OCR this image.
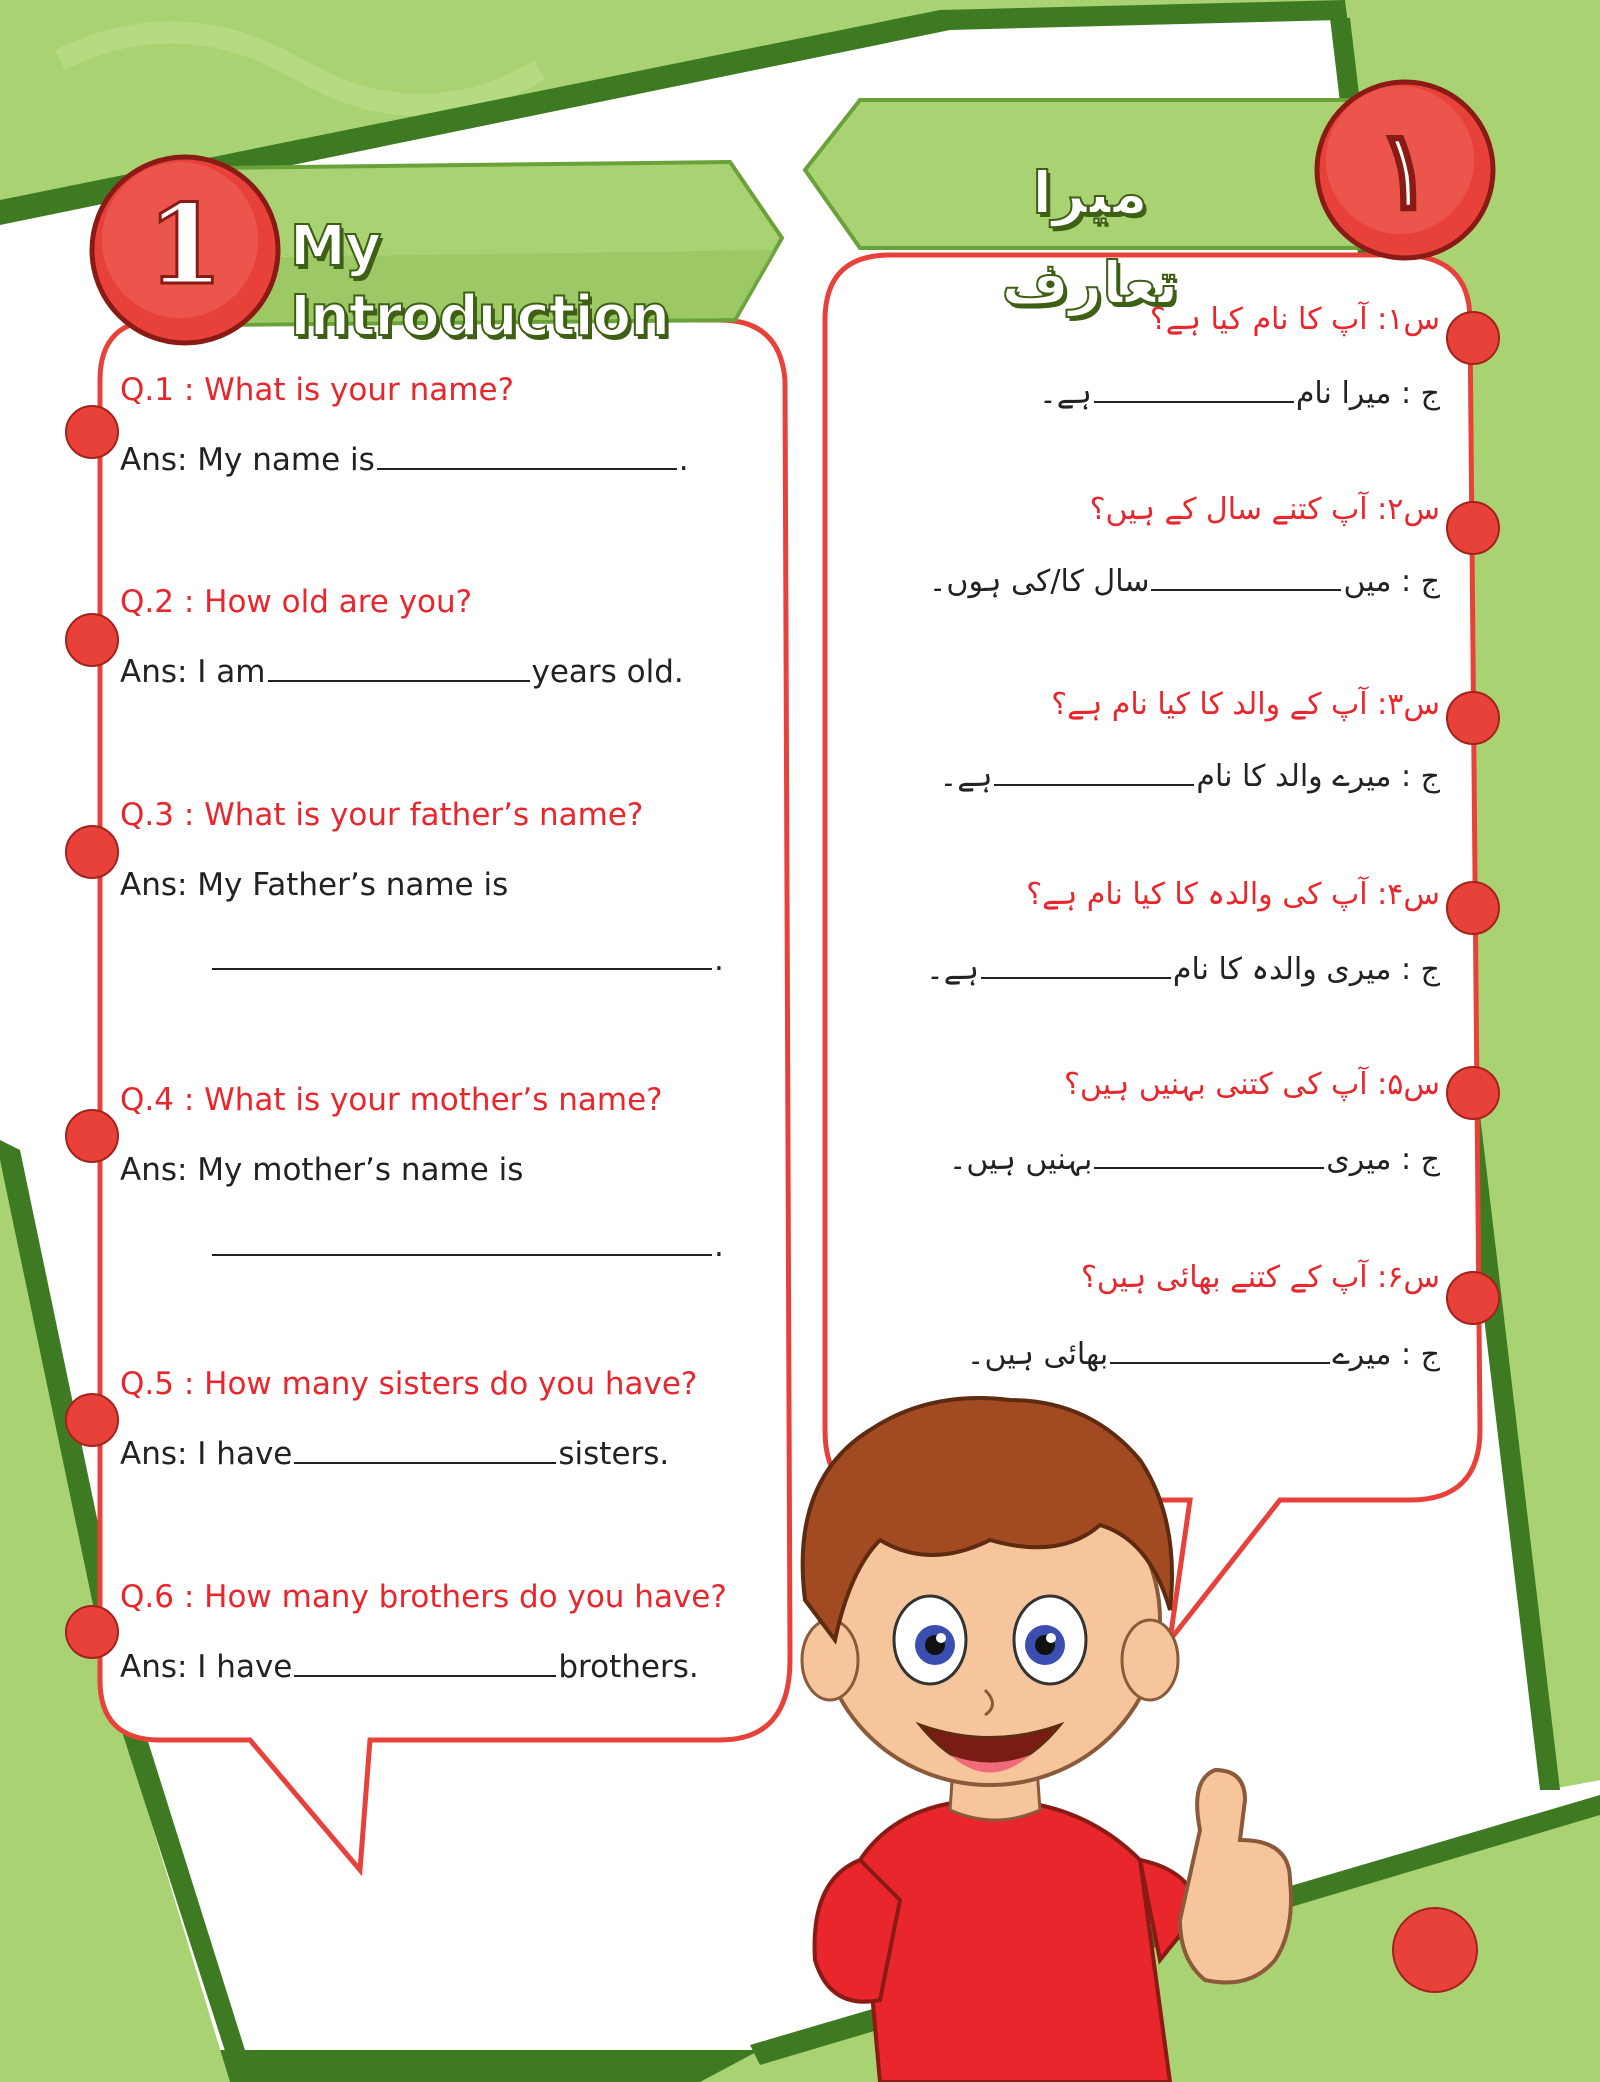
1
۱
My Introduction
میرا تعارف
Q.1 : What is your name?
Ans: My name is	.
Q.2 : How old are you?
Ans: I am	years old.
Q.3 : What is your father’s name?
Ans: My Father’s name is
.
Q.4 : What is your mother’s name?
Ans: My mother’s name is
.
Q.5 : How many sisters do you have?
Ans: I have	sisters.
Q.6 : How many brothers do you have?
Ans: I have	brothers.
س۱: آپ کا نام کیا ہے؟
ج : میرا نامہے۔
س۲: آپ کتنے سال کے ہیں؟
ج : میںسال کا/کی ہوں۔
س۳: آپ کے والد کا کیا نام ہے؟
ج : میرے والد کا نامہے۔
س۴: آپ کی والدہ کا کیا نام ہے؟
ج : میری والدہ کا نامہے۔
س۵: آپ کی کتنی بہنیں ہیں؟
ج : میریبہنیں ہیں۔
س۶: آپ کے کتنے بھائی ہیں؟
ج : میرےبھائی ہیں۔
